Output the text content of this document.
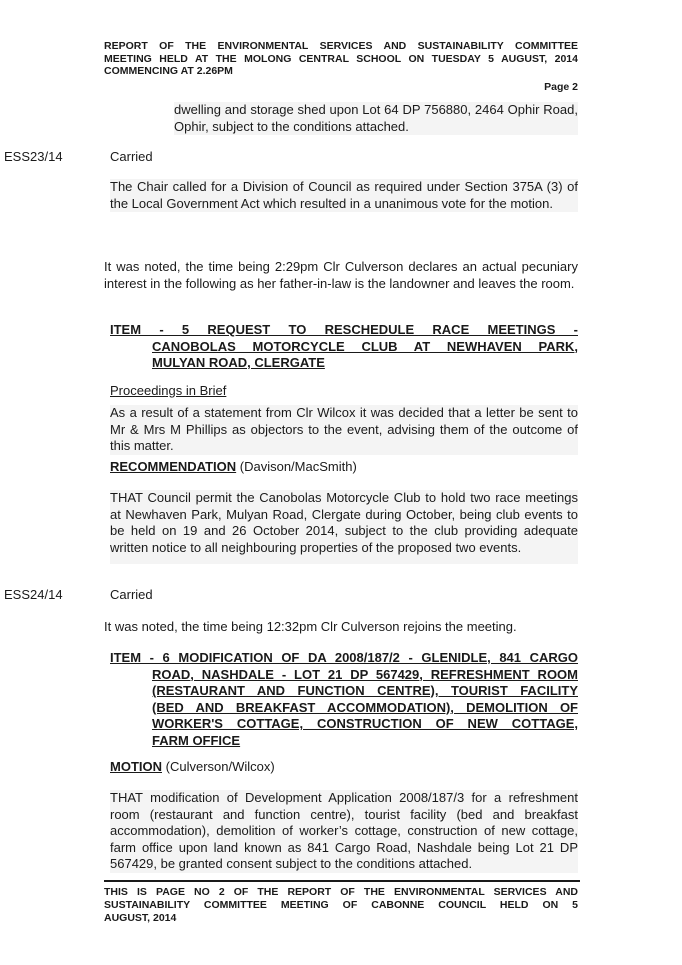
REPORT OF THE ENVIRONMENTAL SERVICES AND SUSTAINABILITY COMMITTEE
MEETING HELD AT THE MOLONG CENTRAL SCHOOL ON TUESDAY 5 AUGUST, 2014
COMMENCING AT 2.26PM
Page 2
dwelling and storage shed upon Lot 64 DP 756880, 2464 Ophir Road, Ophir, subject to the conditions attached.
ESS23/14	Carried
The Chair called for a Division of Council as required under Section 375A (3) of the Local Government Act which resulted in a unanimous vote for the motion.
It was noted, the time being 2:29pm Clr Culverson declares an actual pecuniary interest in the following as her father-in-law is the landowner and leaves the room.
ITEM - 5 REQUEST TO RESCHEDULE RACE MEETINGS -
CANOBOLAS MOTORCYCLE CLUB AT NEWHAVEN PARK,
MULYAN ROAD, CLERGATE
Proceedings in Brief
As a result of a statement from Clr Wilcox it was decided that a letter be sent to Mr & Mrs M Phillips as objectors to the event, advising them of the outcome of this matter.
RECOMMENDATION (Davison/MacSmith)
THAT Council permit the Canobolas Motorcycle Club to hold two race meetings at Newhaven Park, Mulyan Road, Clergate during October, being club events to be held on 19 and 26 October 2014, subject to the club providing adequate written notice to all neighbouring properties of the proposed two events.
ESS24/14	Carried
It was noted, the time being 12:32pm Clr Culverson rejoins the meeting.
ITEM - 6 MODIFICATION OF DA 2008/187/2 - GLENIDLE, 841 CARGO
ROAD, NASHDALE - LOT 21 DP 567429, REFRESHMENT ROOM
(RESTAURANT AND FUNCTION CENTRE), TOURIST FACILITY
(BED AND BREAKFAST ACCOMMODATION), DEMOLITION OF
WORKER'S COTTAGE, CONSTRUCTION OF NEW COTTAGE,
FARM OFFICE
MOTION (Culverson/Wilcox)
THAT modification of Development Application 2008/187/3 for a refreshment room (restaurant and function centre), tourist facility (bed and breakfast accommodation), demolition of worker’s cottage, construction of new cottage, farm office upon land known as 841 Cargo Road, Nashdale being Lot 21 DP 567429, be granted consent subject to the conditions attached.
THIS IS PAGE NO 2 OF THE REPORT OF THE ENVIRONMENTAL SERVICES AND
SUSTAINABILITY COMMITTEE MEETING OF CABONNE COUNCIL HELD ON 5
AUGUST, 2014
